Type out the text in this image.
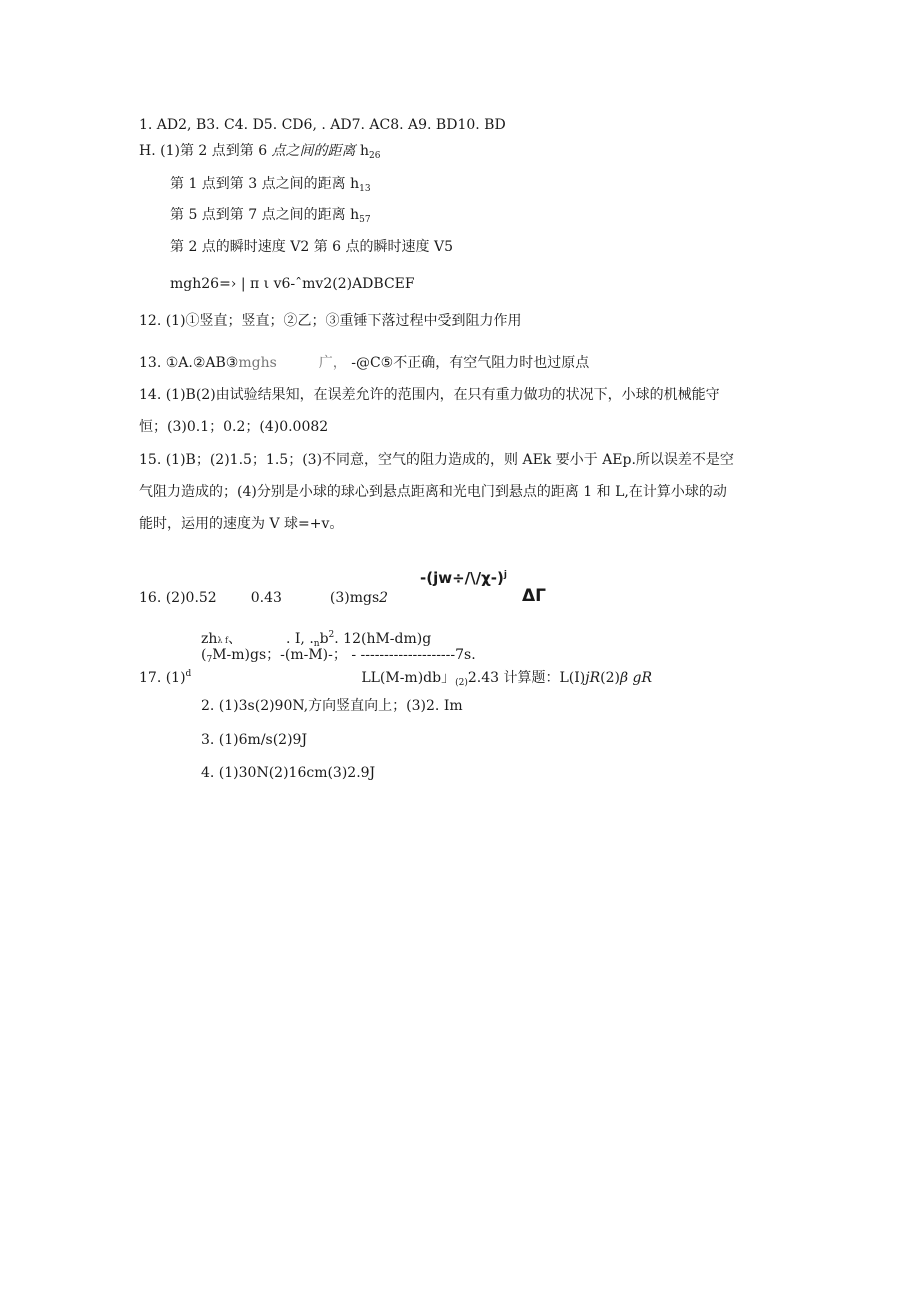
1. AD2, B3. C4. D5. CD6, . AD7. AC8. A9. BD10. BD
H. (1)第 2 点到第 6 点之间的距离 $h_{26}$
第 1 点到第 3 点之间的距离 $h_{13}$
第 5 点到第 7 点之间的距离 $h_{57}$
第 2 点的瞬时速度 V2 第 6 点的瞬时速度 V5
mgh26=› | π ι v6-ˆmv2(2)ADBCEF
12. (1)①竖直；竖直；②乙；③重锤下落过程中受到阻力作用
13. ①A.②AB③mghs	广， -@C⑤不正确，有空气阻力时也过原点
14. (1)B(2)由试验结果知，在误差允许的范围内，在只有重力做功的状况下，小球的机械能守
恒；(3)0.1；0.2；(4)0.0082
15. (1)B；(2)1.5；1.5；(3)不同意，空气的阻力造成的，则 AEk 要小于 AEp.所以误差不是空
气阻力造成的；(4)分别是小球的球心到悬点距离和光电门到悬点的距离 1 和 L,在计算小球的动
能时，运用的速度为 V 球=+v。
-(jw÷/\/χ-)$^j$
16. (2)0.52 0.43	(3)mgs2	ΔΓ
zhλ f、	. I, $._nb^2$. 12(hM-dm)g
$(_7M-m)gs$；-(m-M)-； - --------------------7s.
17. $(1)^d$	LL(M-m)db」$_{(2)}$2.43 计算题：L(I)jR(2)β gR
2. (1)3s(2)90N,方向竖直向上；(3)2. Im
3. (1)6m/s(2)9J
4. (1)30N(2)16cm(3)2.9J
